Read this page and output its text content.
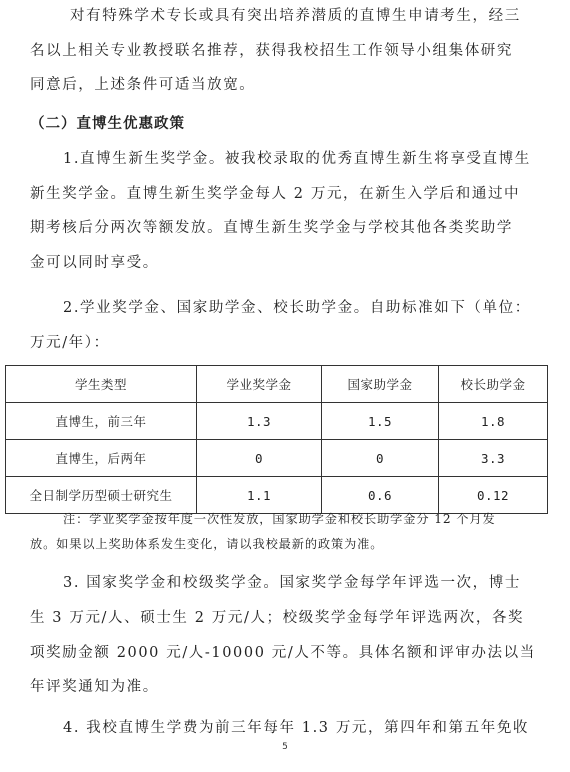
对有特殊学术专长或具有突出培养潜质的直博生申请考生，经三
名以上相关专业教授联名推荐，获得我校招生工作领导小组集体研究
同意后，上述条件可适当放宽。
（二）直博生优惠政策
1.直博生新生奖学金。被我校录取的优秀直博生新生将享受直博生
新生奖学金。直博生新生奖学金每人 2 万元，在新生入学后和通过中
期考核后分两次等额发放。直博生新生奖学金与学校其他各类奖助学
金可以同时享受。
2.学业奖学金、国家助学金、校长助学金。自助标准如下（单位：
万元/年）：
学生类型	学业奖学金	国家助学金	校长助学金
直博生，前三年	1.3	1.5	1.8
直博生，后两年	0	0	3.3
全日制学历型硕士研究生	1.1	0.6	0.12
注：学业奖学金按年度一次性发放，国家助学金和校长助学金分 12 个月发
放。如果以上奖助体系发生变化，请以我校最新的政策为准。
3. 国家奖学金和校级奖学金。国家奖学金每学年评选一次，博士
生 3 万元/人、硕士生 2 万元/人；校级奖学金每学年评选两次，各奖
项奖励金额 2000 元/人-10000 元/人不等。具体名额和评审办法以当
年评奖通知为准。
4. 我校直博生学费为前三年每年 1.3 万元，第四年和第五年免收
5
